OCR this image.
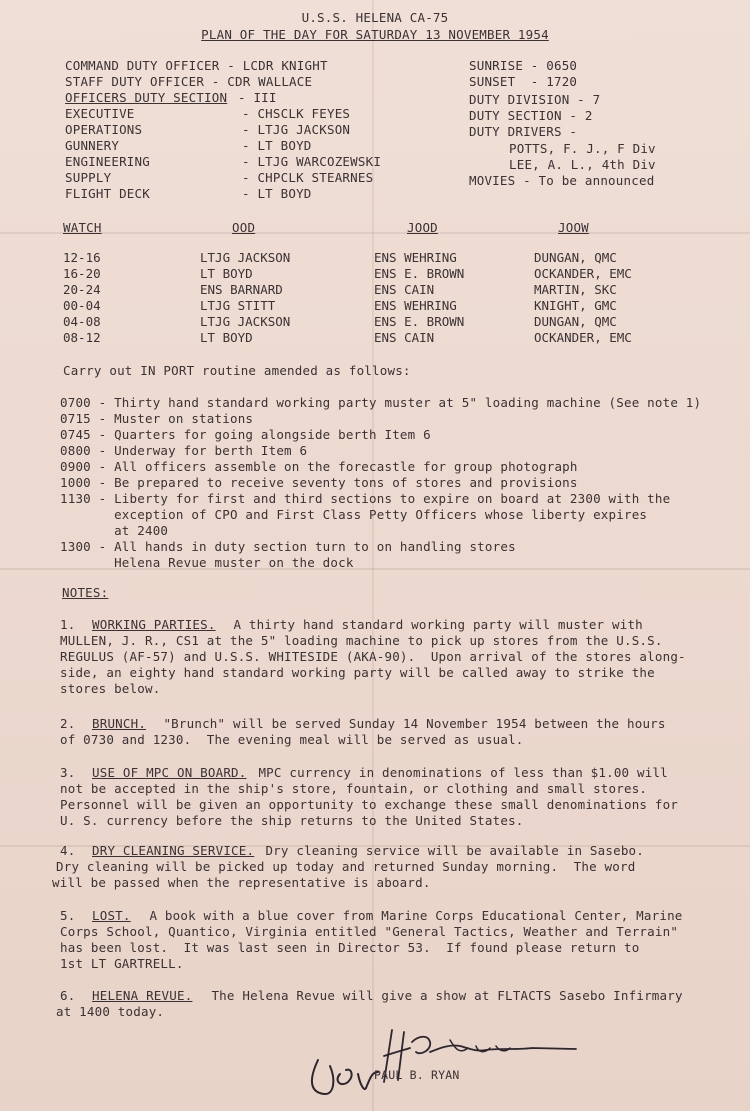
U.S.S. HELENA CA-75
PLAN OF THE DAY FOR SATURDAY 13 NOVEMBER 1954
COMMAND DUTY OFFICER - LCDR KNIGHT
STAFF DUTY OFFICER - CDR WALLACE
OFFICERS DUTY SECTION - III
EXECUTIVE	- CHSCLK FEYES
OPERATIONS	- LTJG JACKSON
GUNNERY	- LT BOYD
ENGINEERING	- LTJG WARCOZEWSKI
SUPPLY	- CHPCLK STEARNES
FLIGHT DECK	- LT BOYD
SUNRISE - 0650
SUNSET  - 1720
DUTY DIVISION - 7
DUTY SECTION - 2
DUTY DRIVERS -
POTTS, F. J., F Div
LEE, A. L., 4th Div
MOVIES - To be announced
WATCH	OOD	JOOD	JOOW
12-16	LTJG JACKSON	ENS WEHRING	DUNGAN, QMC
16-20	LT BOYD	ENS E. BROWN	OCKANDER, EMC
20-24	ENS BARNARD	ENS CAIN	MARTIN, SKC
00-04	LTJG STITT	ENS WEHRING	KNIGHT, GMC
04-08	LTJG JACKSON	ENS E. BROWN	DUNGAN, QMC
08-12	LT BOYD	ENS CAIN	OCKANDER, EMC
Carry out IN PORT routine amended as follows:
0700 - Thirty hand standard working party muster at 5" loading machine (See note 1)
0715 - Muster on stations
0745 - Quarters for going alongside berth Item 6
0800 - Underway for berth Item 6
0900 - All officers assemble on the forecastle for group photograph
1000 - Be prepared to receive seventy tons of stores and provisions
1130 - Liberty for first and third sections to expire on board at 2300 with the
exception of CPO and First Class Petty Officers whose liberty expires
at 2400
1300 - All hands in duty section turn to on handling stores
Helena Revue muster on the dock
NOTES:
1. WORKING PARTIES. A thirty hand standard working party will muster with
MULLEN, J. R., CS1 at the 5" loading machine to pick up stores from the U.S.S.
REGULUS (AF-57) and U.S.S. WHITESIDE (AKA-90).  Upon arrival of the stores along-
side, an eighty hand standard working party will be called away to strike the
stores below.
2. BRUNCH. "Brunch" will be served Sunday 14 November 1954 between the hours
of 0730 and 1230.  The evening meal will be served as usual.
3. USE OF MPC ON BOARD.
MPC currency in denominations of less than $1.00 will
not be accepted in the ship's store, fountain, or clothing and small stores.
Personnel will be given an opportunity to exchange these small denominations for
U. S. currency before the ship returns to the United States.
4. DRY CLEANING SERVICE.
Dry cleaning service will be available in Sasebo.
Dry cleaning will be picked up today and returned Sunday morning.  The word
will be passed when the representative is aboard.
5. LOST. A book with a blue cover from Marine Corps Educational Center, Marine
Corps School, Quantico, Virginia entitled "General Tactics, Weather and Terrain"
has been lost.  It was last seen in Director 53.  If found please return to
1st LT GARTRELL.
6. HELENA REVUE. The Helena Revue will give a show at FLTACTS Sasebo Infirmary
at 1400 today.
PAUL B. RYAN
